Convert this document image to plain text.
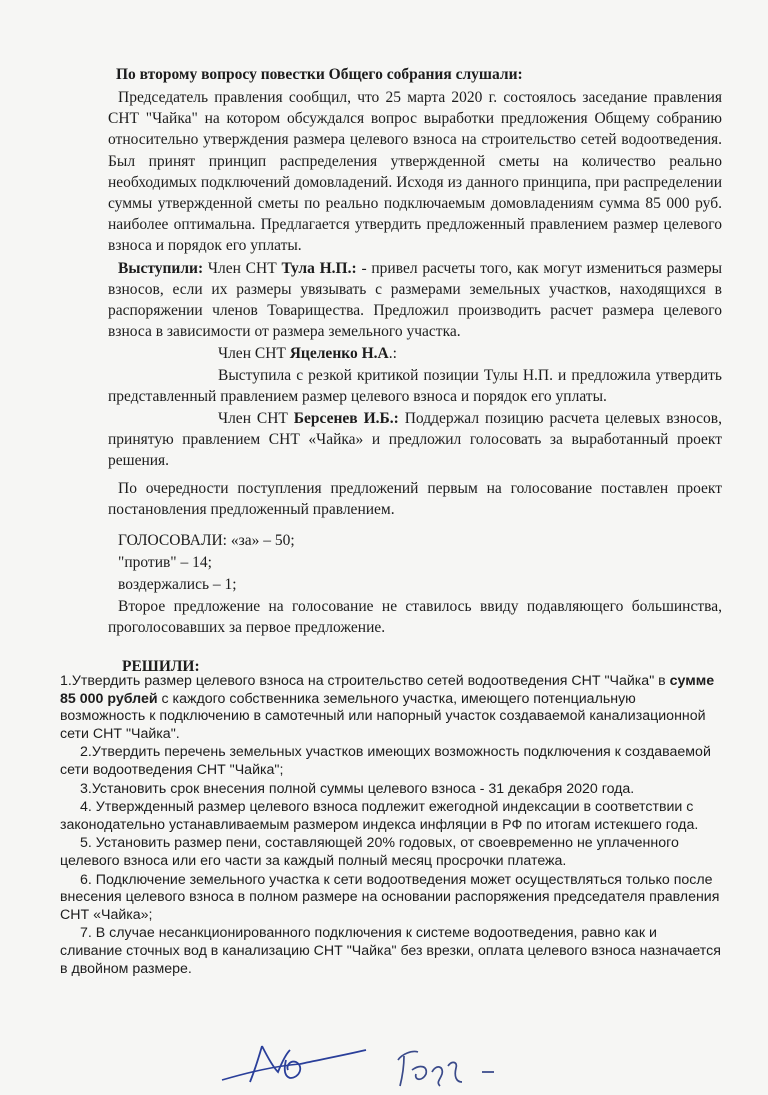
По второму вопросу повестки Общего собрания слушали:

Председатель правления сообщил, что 25 марта 2020 г. состоялось заседание правления СНТ "Чайка" на котором обсуждался вопрос выработки предложения Общему собранию относительно утверждения размера целевого взноса на строительство сетей водоотведения. Был принят принцип распределения утвержденной сметы на количество реально необходимых подключений домовладений. Исходя из данного принципа, при распределении суммы утвержденной сметы по реально подключаемым домовладениям сумма 85 000 руб. наиболее оптимальна. Предлагается утвердить предложенный правлением размер целевого взноса и порядок его уплаты.

Выступили: Член СНТ Тула Н.П.: - привел расчеты того, как могут измениться размеры взносов, если их размеры увязывать с размерами земельных участков, находящихся в распоряжении членов Товарищества. Предложил производить расчет размера целевого взноса в зависимости от размера земельного участка.

Член СНТ Яцеленко Н.А.:

Выступила с резкой критикой позиции Тулы Н.П. и предложила утвердить представленный правлением размер целевого взноса и порядок его уплаты.

Член СНТ Берсенев И.Б.: Поддержал позицию расчета целевых взносов, принятую правлением СНТ «Чайка» и предложил голосовать за выработанный проект решения.

По очередности поступления предложений первым на голосование поставлен проект постановления предложенный правлением.

ГОЛОСОВАЛИ: «за» – 50;

"против" – 14;

воздержались – 1;

Второе предложение на голосование не ставилось ввиду подавляющего большинства, проголосовавших за первое предложение.

РЕШИЛИ:

1.Утвердить размер целевого взноса на строительство сетей водоотведения СНТ "Чайка" в сумме 85 000 рублей с каждого собственника земельного участка, имеющего потенциальную возможность к подключению в самотечный или напорный участок создаваемой канализационной сети СНТ "Чайка".

2.Утвердить перечень земельных участков имеющих возможность подключения к создаваемой сети водоотведения СНТ "Чайка";

3.Установить срок внесения полной суммы целевого взноса - 31 декабря 2020 года.

4. Утвержденный размер целевого взноса подлежит ежегодной индексации в соответствии с законодательно устанавливаемым размером индекса инфляции в РФ по итогам истекшего года.

5. Установить размер пени, составляющей 20% годовых, от своевременно не уплаченного целевого взноса или его части за каждый полный месяц просрочки платежа.

6. Подключение земельного участка к сети водоотведения может осуществляться только после внесения целевого взноса в полном размере на основании распоряжения председателя правления СНТ «Чайка»;

7. В случае несанкционированного подключения к системе водоотведения, равно как и сливание сточных вод в канализацию СНТ "Чайка" без врезки, оплата целевого взноса назначается в двойном размере.
